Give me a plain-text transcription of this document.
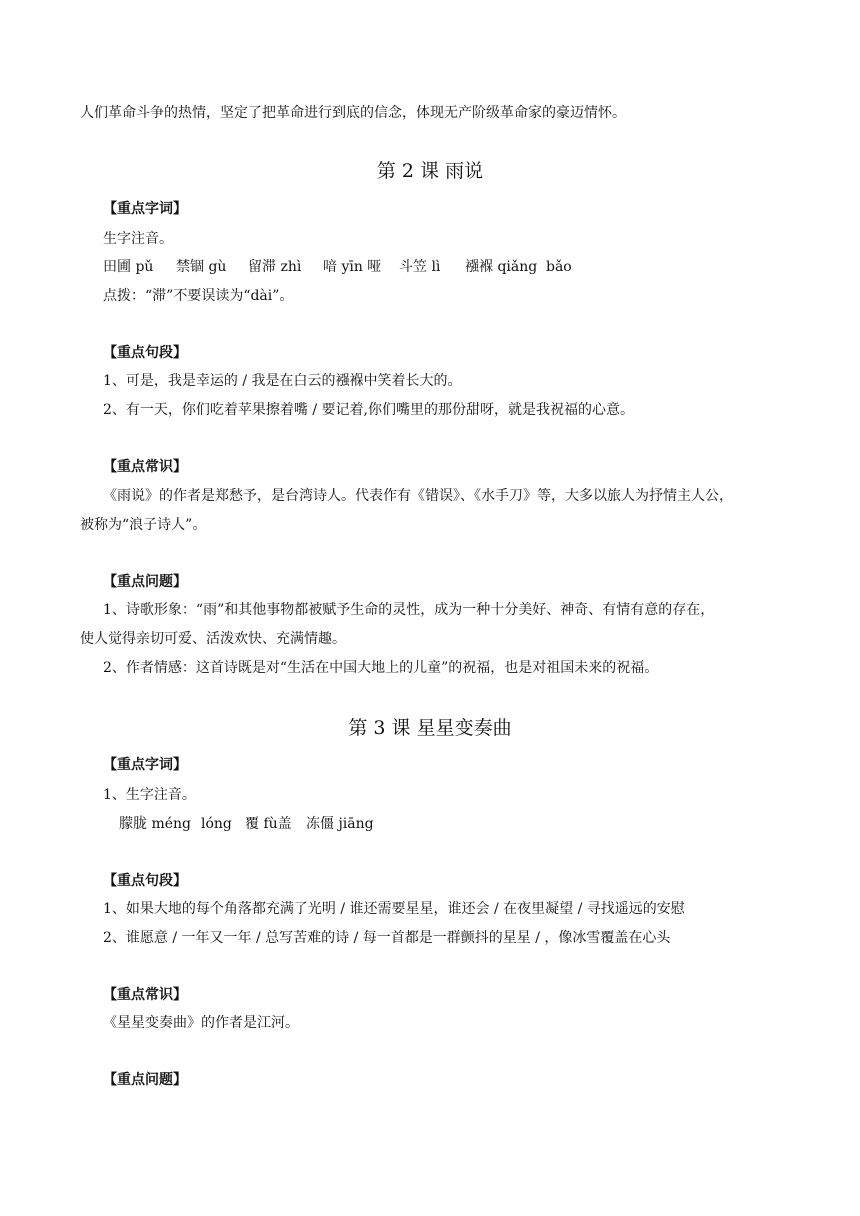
人们革命斗争的热情，坚定了把革命进行到底的信念，体现无产阶级革命家的豪迈情怀。
第 2 课 雨说
【重点字词】
生字注音。
田圃 pǔ 禁锢 gù 留滞 zhì 喑 yīn 哑 斗笠 lì 襁褓 qiǎng bǎo
点拨：“滞”不要误读为“dài”。
【重点句段】
1、可是，我是幸运的 / 我是在白云的襁褓中笑着长大的。
2、有一天，你们吃着苹果擦着嘴 / 要记着,你们嘴里的那份甜呀，就是我祝福的心意。
【重点常识】
《雨说》的作者是郑愁予，是台湾诗人。代表作有《错误》、《水手刀》等，大多以旅人为抒情主人公，
被称为“浪子诗人”。
【重点问题】
1、诗歌形象：“雨”和其他事物都被赋予生命的灵性，成为一种十分美好、神奇、有情有意的存在，
使人觉得亲切可爱、活泼欢快、充满情趣。
2、作者情感：这首诗既是对“生活在中国大地上的儿童”的祝福，也是对祖国未来的祝福。
第 3 课 星星变奏曲
【重点字词】
1、生字注音。
朦胧 méng lóng 覆 fù盖 冻僵 jiāng
【重点句段】
1、如果大地的每个角落都充满了光明 / 谁还需要星星，谁还会 / 在夜里凝望 / 寻找遥远的安慰
2、谁愿意 / 一年又一年 / 总写苦难的诗 / 每一首都是一群颤抖的星星 / ，像冰雪覆盖在心头
【重点常识】
《星星变奏曲》的作者是江河。
【重点问题】
